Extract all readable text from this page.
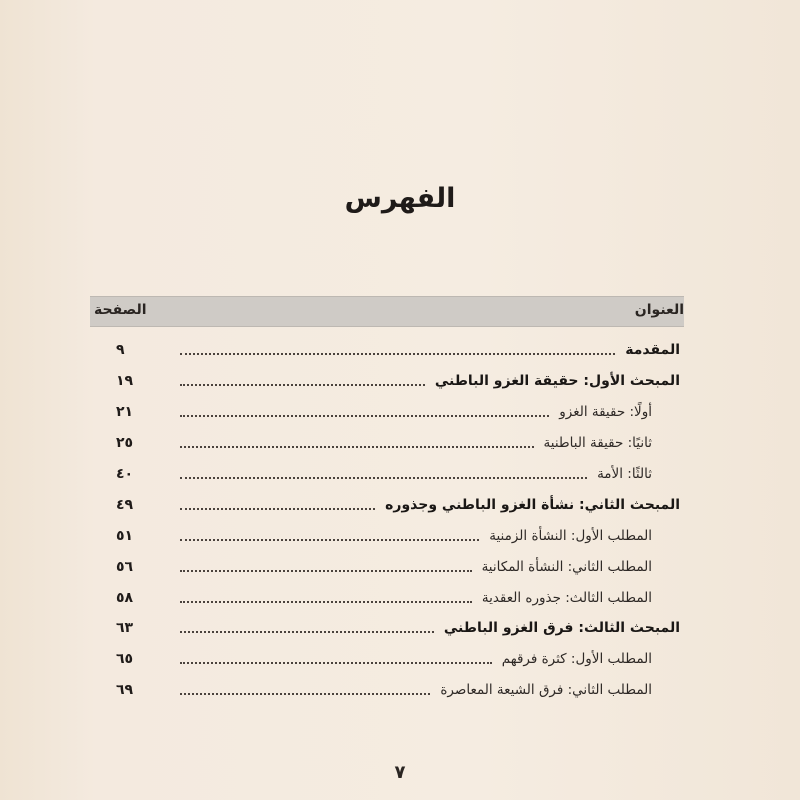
الفهرس
العنوان
الصفحة
المقدمة
٩
المبحث الأول: حقيقة الغزو الباطني
١٩
أولًا: حقيقة الغزو
٢١
ثانيًا: حقيقة الباطنية
٢٥
ثالثًا: الأمة
٤٠
المبحث الثاني: نشأة الغزو الباطني وجذوره
٤٩
المطلب الأول: النشأة الزمنية
٥١
المطلب الثاني: النشأة المكانية
٥٦
المطلب الثالث: جذوره العقدية
٥٨
المبحث الثالث: فرق الغزو الباطني
٦٣
المطلب الأول: كثرة فرقهم
٦٥
المطلب الثاني: فرق الشيعة المعاصرة
٦٩
٧
